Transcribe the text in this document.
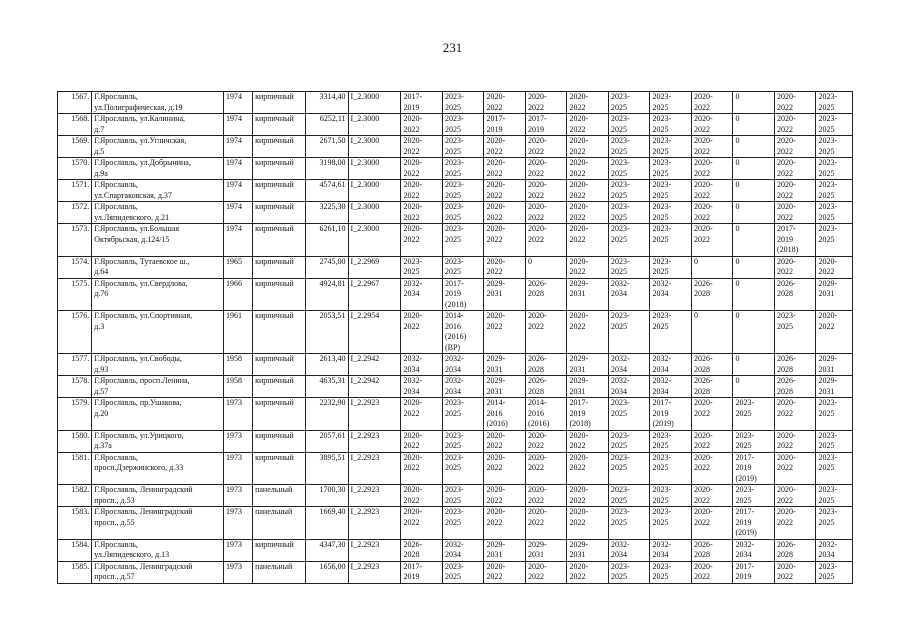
231
1567.	Г.Ярославль,
ул.Полиграфическая, д.19	1974	кирпичный	3314,40	I_2.3000	2017-
2019	2023-
2025	2020-
2022	2020-
2022	2020-
2022	2023-
2025	2023-
2025	2020-
2022	0	2020-
2022	2023-
2025
1568.	Г.Ярославль, ул.Калинина,
д.7	1974	кирпичный	6252,11	I_2.3000	2020-
2022	2023-
2025	2017-
2019	2017-
2019	2020-
2022	2023-
2025	2023-
2025	2020-
2022	0	2020-
2022	2023-
2025
1569.	Г.Ярославль, ул.Угличская,
д.5	1974	кирпичный	2671,50	I_2.3000	2020-
2022	2023-
2025	2020-
2022	2020-
2022	2020-
2022	2023-
2025	2023-
2025	2020-
2022	0	2020-
2022	2023-
2025
1570.	Г.Ярославль, ул.Добрынина,
д.9а	1974	кирпичный	3198,00	I_2.3000	2020-
2022	2023-
2025	2020-
2022	2020-
2022	2020-
2022	2023-
2025	2023-
2025	2020-
2022	0	2020-
2022	2023-
2025
1571.	Г.Ярославль,
ул.Спартаковская, д.37	1974	кирпичный	4574,61	I_2.3000	2020-
2022	2023-
2025	2020-
2022	2020-
2022	2020-
2022	2023-
2025	2023-
2025	2020-
2022	0	2020-
2022	2023-
2025
1572.	Г.Ярославль,
ул.Ляпидевского, д.21	1974	кирпичный	3225,30	I_2.3000	2020-
2022	2023-
2025	2020-
2022	2020-
2022	2020-
2022	2023-
2025	2023-
2025	2020-
2022	0	2020-
2022	2023-
2025
1573.	Г.Ярославль, ул.Большая
Октябрьская, д.124/15	1974	кирпичный	6261,10	I_2.3000	2020-
2022	2023-
2025	2020-
2022	2020-
2022	2020-
2022	2023-
2025	2023-
2025	2020-
2022	0	2017-
2019
(2018)	2023-
2025
1574.	Г.Ярославль, Тутаевское ш.,
д.64	1965	кирпичный	2745,00	I_2.2969	2023-
2025	2023-
2025	2020-
2022	0	2020-
2022	2023-
2025	2023-
2025	0	0	2020-
2022	2020-
2022
1575.	Г.Ярославль, ул.Свердлова,
д.76	1966	кирпичный	4924,81	I_2.2967	2032-
2034	2017-
2019
(2018)	2029-
2031	2026-
2028	2029-
2031	2032-
2034	2032-
2034	2026-
2028	0	2026-
2028	2029-
2031
1576.	Г.Ярославль, ул.Спортивная,
д.3	1961	кирпичный	2053,51	I_2.2954	2020-
2022	2014-
2016
(2016)
(ВР)	2020-
2022	2020-
2022	2020-
2022	2023-
2025	2023-
2025	0	0	2023-
2025	2020-
2022
1577.	Г.Ярославль, ул.Свободы,
д.93	1958	кирпичный	2613,40	I_2.2942	2032-
2034	2032-
2034	2029-
2031	2026-
2028	2029-
2031	2032-
2034	2032-
2034	2026-
2028	0	2026-
2028	2029-
2031
1578.	Г.Ярославль, просп.Ленина,
д.57	1958	кирпичный	4635,31	I_2.2942	2032-
2034	2032-
2034	2029-
2031	2026-
2028	2029-
2031	2032-
2034	2032-
2034	2026-
2028	0	2026-
2028	2029-
2031
1579.	Г.Ярославль, пр.Ушакова,
д.20	1973	кирпичный	2232,90	I_2.2923	2020-
2022	2023-
2025	2014-
2016
(2016)	2014-
2016
(2016)	2017-
2019
(2018)	2023-
2025	2017-
2019
(2019)	2020-
2022	2023-
2025	2020-
2022	2023-
2025
1580.	Г.Ярославль, ул.Урицкого,
д.37а	1973	кирпичный	2057,61	I_2.2923	2020-
2022	2023-
2025	2020-
2022	2020-
2022	2020-
2022	2023-
2025	2023-
2025	2020-
2022	2023-
2025	2020-
2022	2023-
2025
1581.	Г.Ярославль,
просп.Дзержинского, д.33	1973	кирпичный	3895,51	I_2.2923	2020-
2022	2023-
2025	2020-
2022	2020-
2022	2020-
2022	2023-
2025	2023-
2025	2020-
2022	2017-
2019
(2019)	2020-
2022	2023-
2025
1582.	Г.Ярославль, Ленинградский
просп., д.53	1973	панельный	1700,30	I_2.2923	2020-
2022	2023-
2025	2020-
2022	2020-
2022	2020-
2022	2023-
2025	2023-
2025	2020-
2022	2023-
2025	2020-
2022	2023-
2025
1583.	Г.Ярославль, Ленинградский
просп., д.55	1973	панельный	1669,40	I_2.2923	2020-
2022	2023-
2025	2020-
2022	2020-
2022	2020-
2022	2023-
2025	2023-
2025	2020-
2022	2017-
2019
(2019)	2020-
2022	2023-
2025
1584.	Г.Ярославль,
ул.Ляпидевского, д.13	1973	кирпичный	4347,30	I_2.2923	2026-
2028	2032-
2034	2029-
2031	2029-
2031	2029-
2031	2032-
2034	2032-
2034	2026-
2028	2032-
2034	2026-
2028	2032-
2034
1585.	Г.Ярославль, Ленинградский
просп., д.57	1973	панельный	1656,00	I_2.2923	2017-
2019	2023-
2025	2020-
2022	2020-
2022	2020-
2022	2023-
2025	2023-
2025	2020-
2022	2017-
2019	2020-
2022	2023-
2025
